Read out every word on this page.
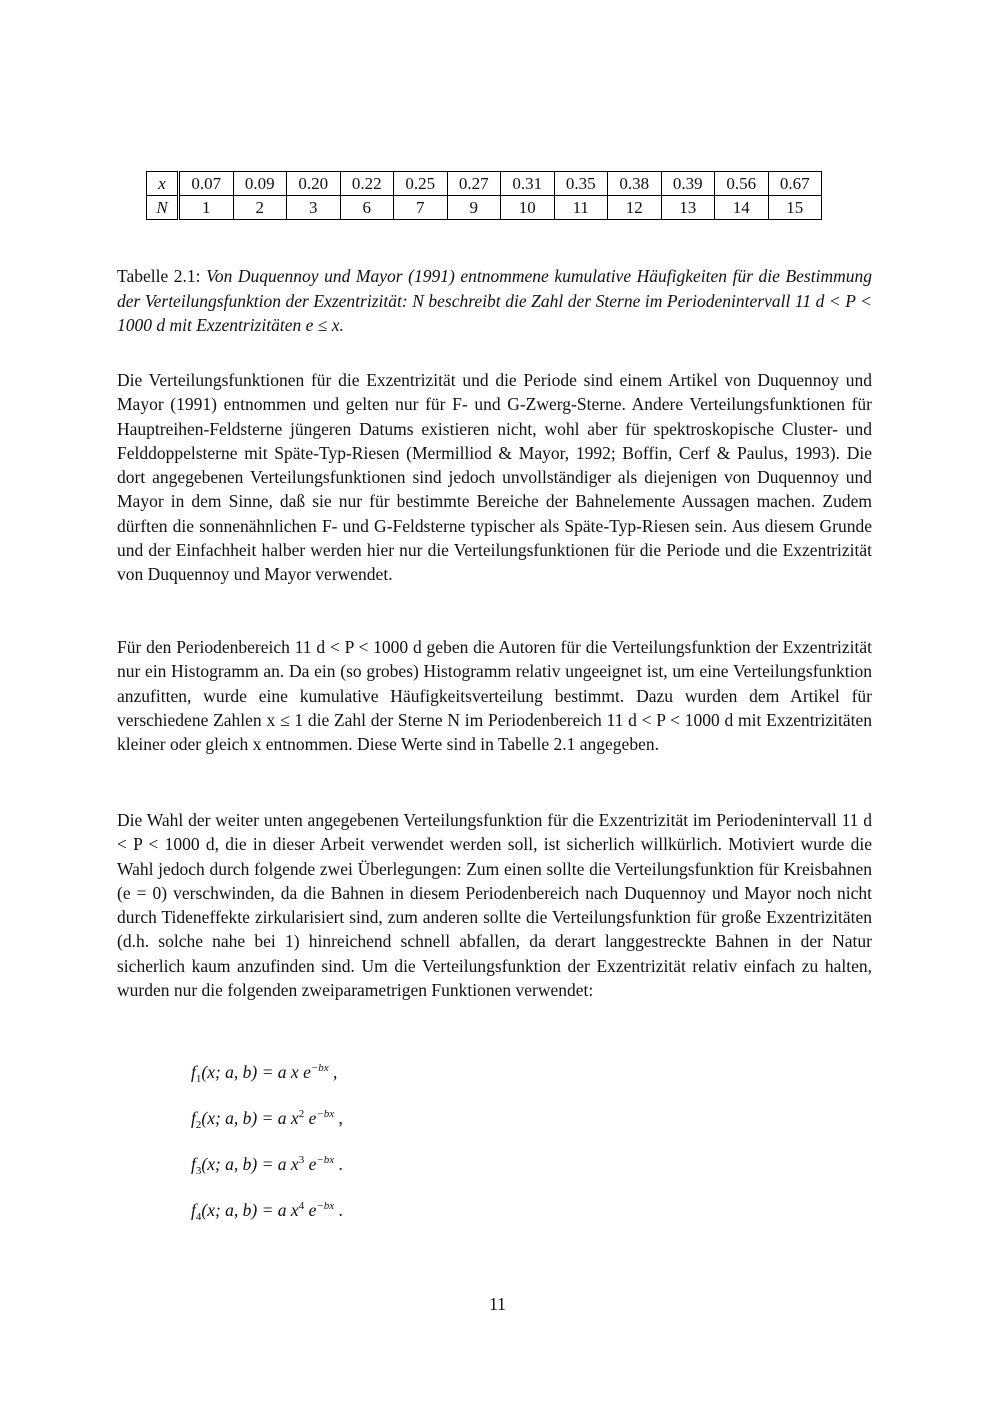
x	0.07	0.09	0.20	0.22	0.25	0.27	0.31	0.35	0.38	0.39	0.56	0.67
N	1	2	3	6	7	9	10	11	12	13	14	15
Tabelle 2.1: Von Duquennoy und Mayor (1991) entnommene kumulative Häufigkeiten für die Bestimmung der Verteilungsfunktion der Exzentrizität: N beschreibt die Zahl der Sterne im Periodenintervall 11 d < P < 1000 d mit Exzentrizitäten e ≤ x.
Die Verteilungsfunktionen für die Exzentrizität und die Periode sind einem Artikel von Duquennoy und Mayor (1991) entnommen und gelten nur für F- und G-Zwerg-Sterne. Andere Verteilungsfunktionen für Hauptreihen-Feldsterne jüngeren Datums existieren nicht, wohl aber für spektroskopische Cluster- und Felddoppelsterne mit Späte-Typ-Riesen (Mermilliod & Mayor, 1992; Boffin, Cerf & Paulus, 1993). Die dort angegebenen Verteilungsfunktionen sind jedoch unvollständiger als diejenigen von Duquennoy und Mayor in dem Sinne, daß sie nur für bestimmte Bereiche der Bahnelemente Aussagen machen. Zudem dürften die sonnenähnlichen F- und G-Feldsterne typischer als Späte-Typ-Riesen sein. Aus diesem Grunde und der Einfachheit halber werden hier nur die Verteilungsfunktionen für die Periode und die Exzentrizität von Duquennoy und Mayor verwendet.
Für den Periodenbereich 11 d < P < 1000 d geben die Autoren für die Verteilungsfunktion der Exzentrizität nur ein Histogramm an. Da ein (so grobes) Histogramm relativ ungeeignet ist, um eine Verteilungsfunktion anzufitten, wurde eine kumulative Häufigkeitsverteilung bestimmt. Dazu wurden dem Artikel für verschiedene Zahlen x ≤ 1 die Zahl der Sterne N im Periodenbereich 11 d < P < 1000 d mit Exzentrizitäten kleiner oder gleich x entnommen. Diese Werte sind in Tabelle 2.1 angegeben.
Die Wahl der weiter unten angegebenen Verteilungsfunktion für die Exzentrizität im Periodenintervall 11 d < P < 1000 d, die in dieser Arbeit verwendet werden soll, ist sicherlich willkürlich. Motiviert wurde die Wahl jedoch durch folgende zwei Überlegungen: Zum einen sollte die Verteilungsfunktion für Kreisbahnen (e = 0) verschwinden, da die Bahnen in diesem Periodenbereich nach Duquennoy und Mayor noch nicht durch Tideneffekte zirkularisiert sind, zum anderen sollte die Verteilungsfunktion für große Exzentrizitäten (d.h. solche nahe bei 1) hinreichend schnell abfallen, da derart langgestreckte Bahnen in der Natur sicherlich kaum anzufinden sind. Um die Verteilungsfunktion der Exzentrizität relativ einfach zu halten, wurden nur die folgenden zweiparametrigen Funktionen verwendet:
$f_1(x$; a, b) = a x $e^{-bx}$ ,
$f_2(x$; a, b) = a $x^2$ $e^{-bx}$ ,
$f_3(x$; a, b) = a $x^3$ $e^{-bx}$ .
$f_4(x$; a, b) = a $x^4$ $e^{-bx}$ .
11
